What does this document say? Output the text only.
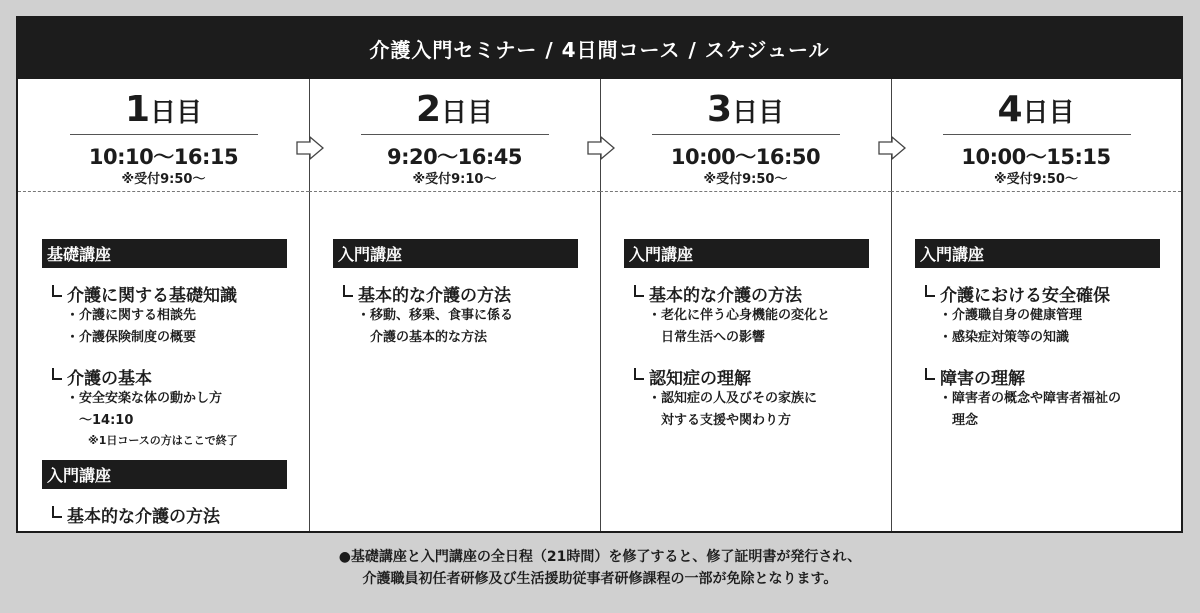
介護入門セミナー / 4日間コース / スケジュール
1日目
10:10〜16:15
※受付9:50〜
基礎講座
介護に関する基礎知識
・介護に関する相談先
・介護保険制度の概要
介護の基本
・安全安楽な体の動かし方
　〜14:10
※1日コースの方はここで終了
入門講座
基本的な介護の方法
2日目
9:20〜16:45
※受付9:10〜
入門講座
基本的な介護の方法
・移動、移乗、食事に係る
　介護の基本的な方法
3日目
10:00〜16:50
※受付9:50〜
入門講座
基本的な介護の方法
・老化に伴う心身機能の変化と
　日常生活への影響
認知症の理解
・認知症の人及びその家族に
　対する支援や関わり方
4日目
10:00〜15:15
※受付9:50〜
入門講座
介護における安全確保
・介護職自身の健康管理
・感染症対策等の知識
障害の理解
・障害者の概念や障害者福祉の
　理念
●基礎講座と入門講座の全日程（21時間）を修了すると、修了証明書が発行され、
介護職員初任者研修及び生活援助従事者研修課程の一部が免除となります。
